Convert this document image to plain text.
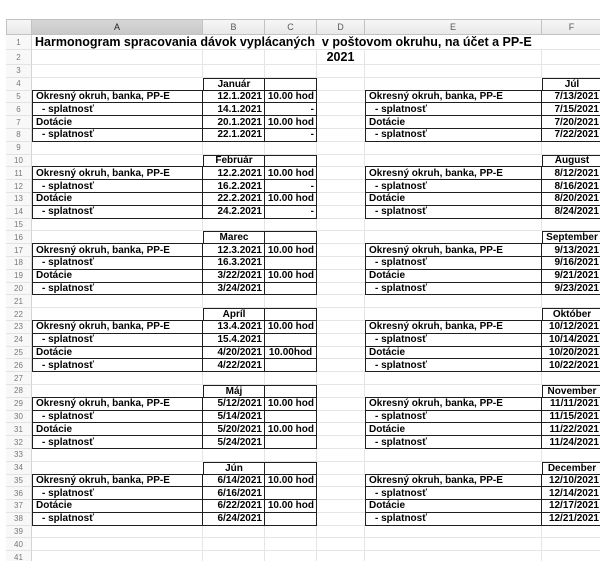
A	B	C	D	E	F
1
2
3
4
5
6
7
8
9
10
11
12
13
14
15
16
17
18
19
20
21
22
23
24
25
26
27
28
29
30
31
32
33
34
35
36
37
38
39
40
41
Harmonogram spracovania dávok vyplácaných  v poštovom okruhu, na účet a PP-E
2021
Január	Júl
Okresný okruh, banka, PP-E	12.1.2021 10.00 hod	Okresný okruh, banka, PP-E	7/13/2021
- splatnosť	14.1.2021	-	- splatnosť	7/15/2021
Dotácie	20.1.2021 10.00 hod	Dotácie	7/20/2021
- splatnosť	22.1.2021	-	- splatnosť	7/22/2021
Február	August
Okresný okruh, banka, PP-E	12.2.2021 10.00 hod	Okresný okruh, banka, PP-E	8/12/2021
- splatnosť	16.2.2021	-	- splatnosť	8/16/2021
Dotácie	22.2.2021 10.00 hod	Dotácie	8/20/2021
- splatnosť	24.2.2021	-	- splatnosť	8/24/2021
Marec	September
Okresný okruh, banka, PP-E	12.3.2021 10.00 hod	Okresný okruh, banka, PP-E	9/13/2021
- splatnosť	16.3.2021	- splatnosť	9/16/2021
Dotácie	3/22/2021 10.00 hod	Dotácie	9/21/2021
- splatnosť	3/24/2021	- splatnosť	9/23/2021
Apríl	Október
Okresný okruh, banka, PP-E	13.4.2021 10.00 hod	Okresný okruh, banka, PP-E	10/12/2021
- splatnosť	15.4.2021	- splatnosť	10/14/2021
Dotácie	4/20/2021 10.00hod	Dotácie	10/20/2021
- splatnosť	4/22/2021	- splatnosť	10/22/2021
Máj	November
Okresný okruh, banka, PP-E	5/12/2021 10.00 hod	Okresný okruh, banka, PP-E	11/11/2021
- splatnosť	5/14/2021	- splatnosť	11/15/2021
Dotácie	5/20/2021 10.00 hod	Dotácie	11/22/2021
- splatnosť	5/24/2021	- splatnosť	11/24/2021
Jún	December
Okresný okruh, banka, PP-E	6/14/2021 10.00 hod	Okresný okruh, banka, PP-E	12/10/2021
- splatnosť	6/16/2021	- splatnosť	12/14/2021
Dotácie	6/22/2021 10.00 hod	Dotácie	12/17/2021
- splatnosť	6/24/2021	- splatnosť	12/21/2021
